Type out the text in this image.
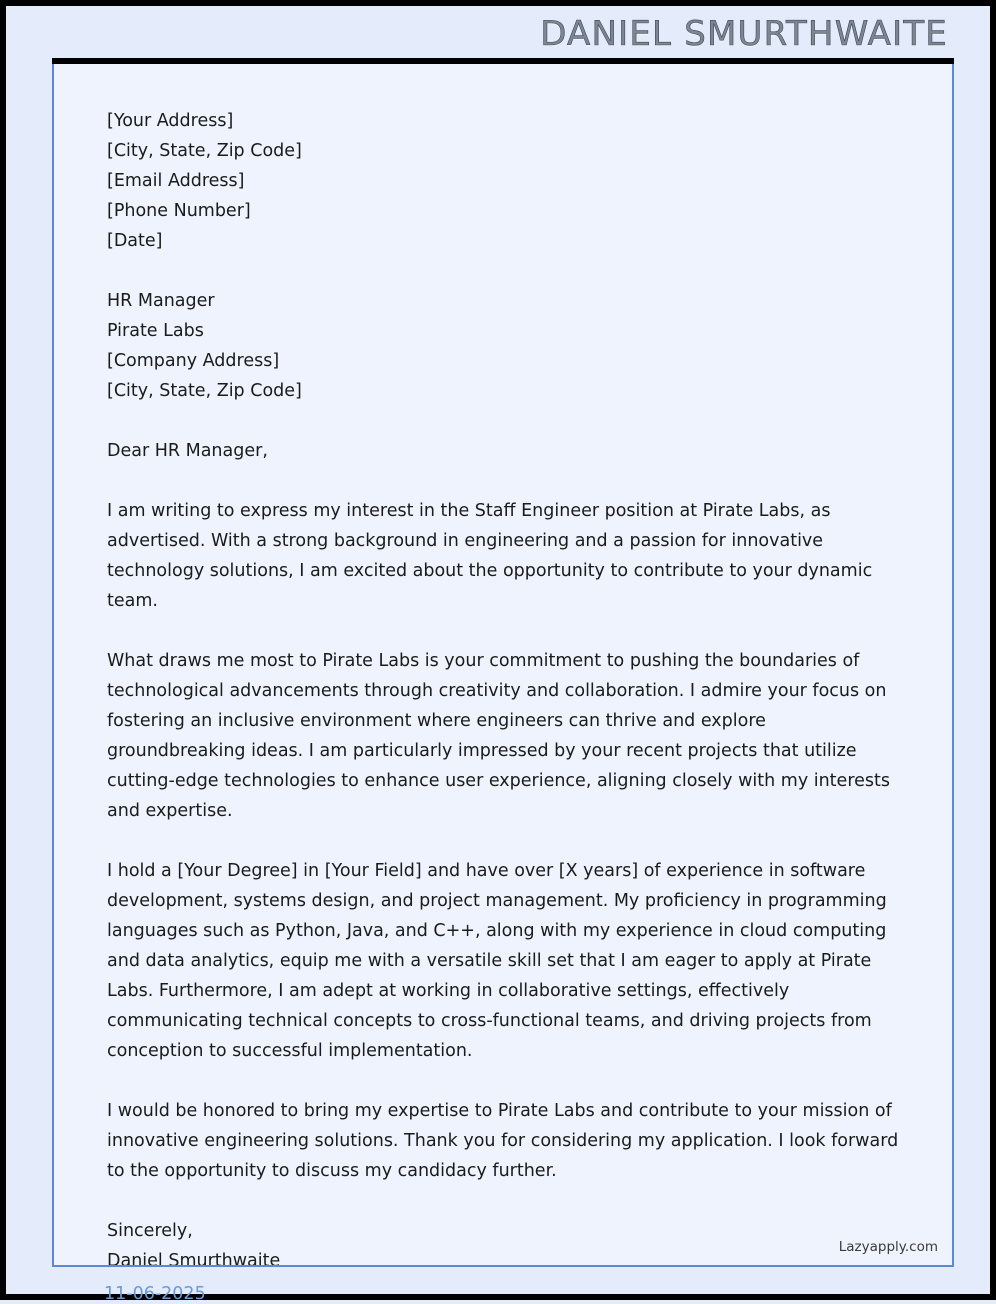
DANIEL SMURTHWAITE
[Your Address]
[City, State, Zip Code]
[Email Address]
[Phone Number]
[Date]
HR Manager
Pirate Labs
[Company Address]
[City, State, Zip Code]
Dear HR Manager,

I am writing to express my interest in the Staff Engineer position at Pirate Labs, as advertised. With a strong background in engineering and a passion for innovative technology solutions, I am excited about the opportunity to contribute to your dynamic team.

What draws me most to Pirate Labs is your commitment to pushing the boundaries of technological advancements through creativity and collaboration. I admire your focus on fostering an inclusive environment where engineers can thrive and explore groundbreaking ideas. I am particularly impressed by your recent projects that utilize cutting-edge technologies to enhance user experience, aligning closely with my interests and expertise.

I hold a [Your Degree] in [Your Field] and have over [X years] of experience in software development, systems design, and project management. My proficiency in programming languages such as Python, Java, and C++, along with my experience in cloud computing and data analytics, equip me with a versatile skill set that I am eager to apply at Pirate Labs. Furthermore, I am adept at working in collaborative settings, effectively communicating technical concepts to cross-functional teams, and driving projects from conception to successful implementation.

I would be honored to bring my expertise to Pirate Labs and contribute to your mission of innovative engineering solutions. Thank you for considering my application. I look forward to the opportunity to discuss my candidacy further.

Sincerely,
Daniel Smurthwaite
Lazyapply.com
11-06-2025
